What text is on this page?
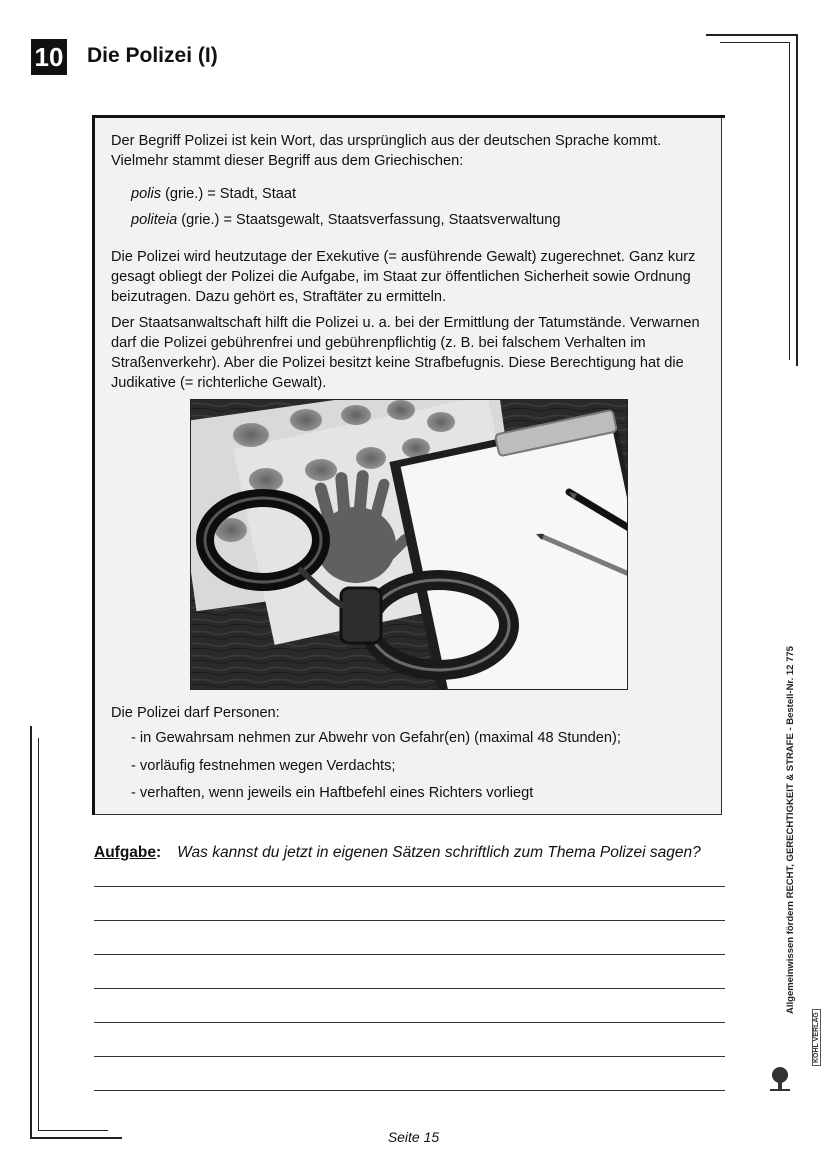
10 Die Polizei (I)
Der Begriff Polizei ist kein Wort, das ursprünglich aus der deutschen Sprache kommt. Vielmehr stammt dieser Begriff aus dem Griechischen:
polis (grie.) = Stadt, Staat
politeia (grie.) = Staatsgewalt, Staatsverfassung, Staatsverwaltung
Die Polizei wird heutzutage der Exekutive (= ausführende Gewalt) zugerechnet. Ganz kurz gesagt obliegt der Polizei die Aufgabe, im Staat zur öffentlichen Sicherheit sowie Ordnung beizutragen. Dazu gehört es, Straftäter zu ermitteln.
Der Staatsanwaltschaft hilft die Polizei u. a. bei der Ermittlung der Tatumstände. Verwarnen darf die Polizei gebührenfrei und gebührenpflichtig (z. B. bei falschem Verhalten im Straßenverkehr). Aber die Polizei besitzt keine Strafbefugnis. Diese Berechtigung hat die Judikative (= richterliche Gewalt).
Die Polizei darf Personen:
- in Gewahrsam nehmen zur Abwehr von Gefahr(en) (maximal 48 Stunden);
- vorläufig festnehmen wegen Verdachts;
- verhaften, wenn jeweils ein Haftbefehl eines Richters vorliegt
Aufgabe: Was kannst du jetzt in eigenen Sätzen schriftlich zum Thema Polizei sagen?	Allgemeinwissen fördern RECHT, GERECHTIGKEIT & STRAFE - Bestell-Nr. 12 775
KOHL VERLAG
Seite 15
